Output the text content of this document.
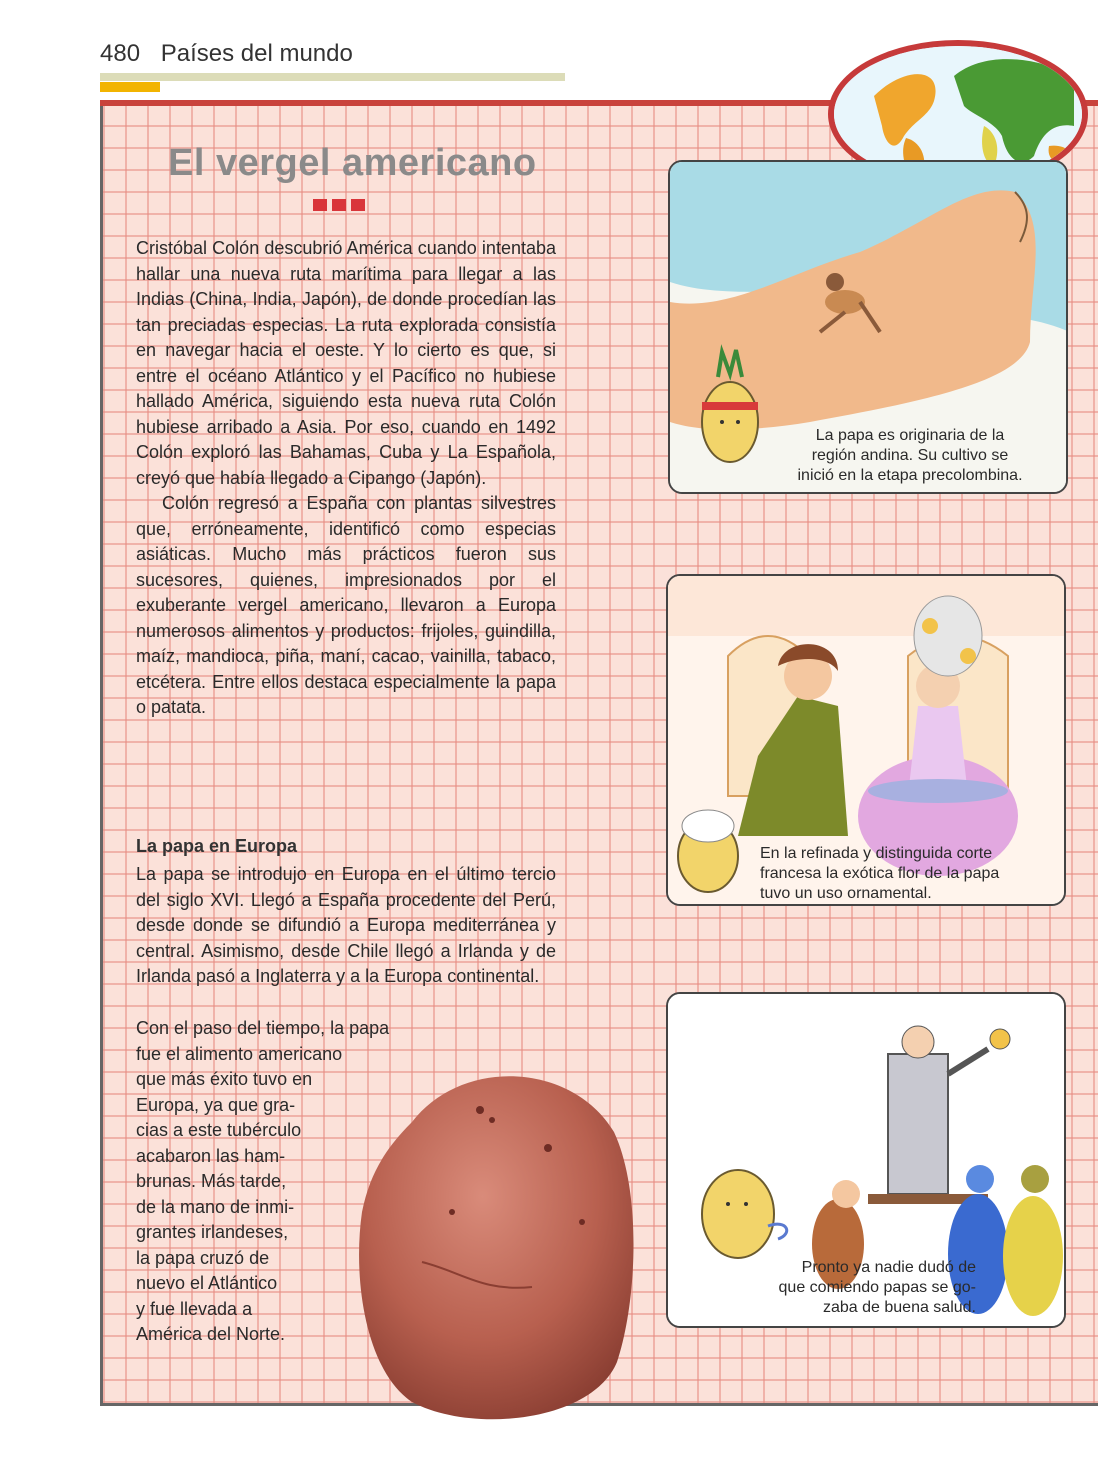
480 Países del mundo
El vergel americano

Cristóbal Colón descubrió América cuando intentaba hallar una nueva ruta marítima para llegar a las Indias (China, India, Japón), de donde procedían las tan preciadas especias. La ruta explorada consistía en navegar hacia el oeste. Y lo cierto es que, si entre el océano Atlántico y el Pacífico no hubiese hallado América, siguiendo esta nueva ruta Colón hubiese arribado a Asia. Por eso, cuando en 1492 Colón exploró las Bahamas, Cuba y La Española, creyó que había llegado a Cipango (Japón).

Colón regresó a España con plantas silvestres que, erróneamente, identificó como especias asiáticas. Mucho más prácticos fueron sus sucesores, quienes, impresionados por el exuberante vergel americano, llevaron a Europa numerosos alimentos y productos: frijoles, guindilla, maíz, mandioca, piña, maní, cacao, vainilla, tabaco, etcétera. Entre ellos destaca especialmente la papa o patata.

La papa en Europa
La papa se introdujo en Europa en el último tercio del siglo XVI. Llegó a España procedente del Perú, desde donde se difundió a Europa mediterránea y central. Asimismo, desde Chile llegó a Irlanda y de Irlanda pasó a Inglaterra y a la Europa continental.
Con el paso del tiempo, la papa
fue el alimento americano
que más éxito tuvo en
Europa, ya que gra-
cias a este tubérculo
acabaron las ham-
brunas. Más tarde,
de la mano de inmi-
grantes irlandeses,
la papa cruzó de
nuevo el Atlántico
y fue llevada a
América del Norte.
La papa es originaria de la
región andina. Su cultivo se
inició en la etapa precolombina.
En la refinada y distinguida corte
francesa la exótica flor de la papa
tuvo un uso ornamental.
Pronto ya nadie dudó de
que comiendo papas se go-
zaba de buena salud.
